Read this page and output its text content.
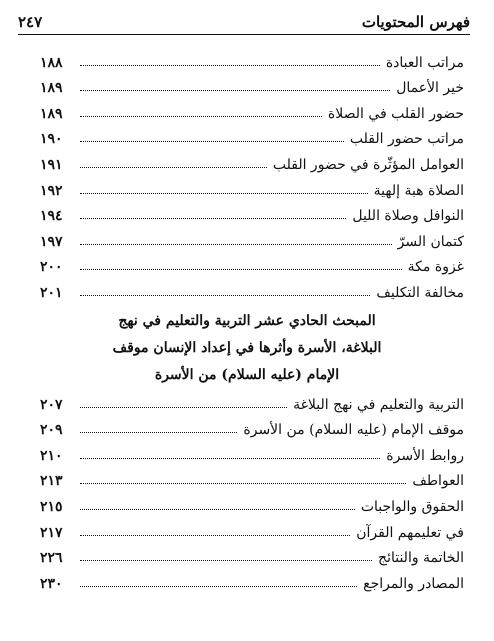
٢٤٧	فهرس المحتويات
مراتب العبادة
١٨٨
خير الأعمال
١٨٩
حضور القلب في الصلاة
١٨٩
مراتب حضور القلب
١٩٠
العوامل المؤثّرة في حضور القلب
١٩١
الصلاة هبة إلهية
١٩٢
النوافل وصلاة الليل
١٩٤
كتمان السرّ
١٩٧
غزوة مكة
٢٠٠
مخالفة التكليف
٢٠١
المبحث الحادي عشر التربية والتعليم في نهج
البلاغة، الأسرة وأثرها في إعداد الإنسان موقف
الإمام (عليه السلام) من الأسرة
التربية والتعليم في نهج البلاغة
٢٠٧
موقف الإمام (عليه السلام) من الأسرة
٢٠٩
روابط الأسرة
٢١٠
العواطف
٢١٣
الحقوق والواجبات
٢١٥
في تعليمهم القرآن
٢١٧
الخاتمة والنتائج
٢٢٦
المصادر والمراجع
٢٣٠
